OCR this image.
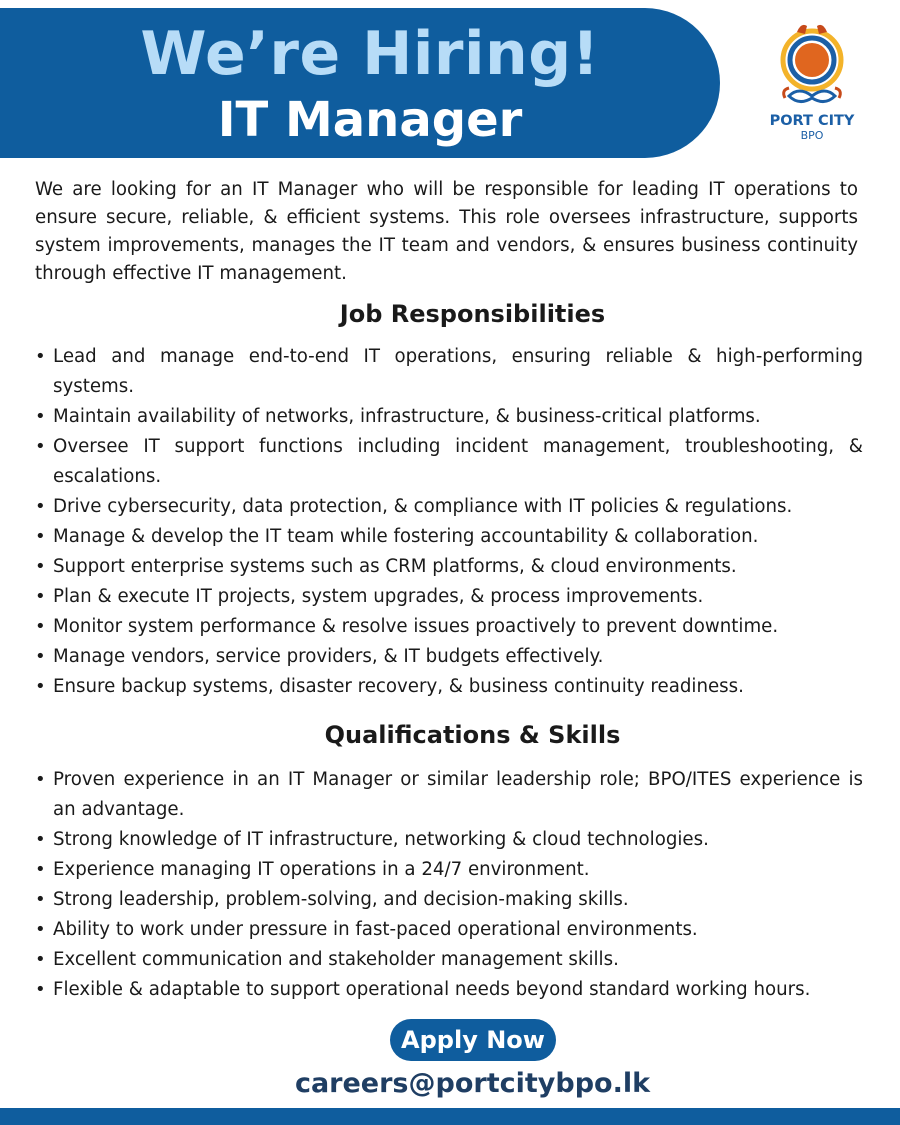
We’re Hiring!
IT Manager	PORT CITY
BPO

We are looking for an IT Manager who will be responsible for leading IT operations to ensure secure, reliable, & efficient systems. This role oversees infrastructure, supports system improvements, manages the IT team and vendors, & ensures business continuity through effective IT management.

Job Responsibilities
• Lead and manage end-to-end IT operations, ensuring reliable & high-performing systems.
• Maintain availability of networks, infrastructure, & business-critical platforms.
• Oversee IT support functions including incident management, troubleshooting, & escalations.
• Drive cybersecurity, data protection, & compliance with IT policies & regulations.
• Manage & develop the IT team while fostering accountability & collaboration.
• Support enterprise systems such as CRM platforms, & cloud environments.
• Plan & execute IT projects, system upgrades, & process improvements.
• Monitor system performance & resolve issues proactively to prevent downtime.
• Manage vendors, service providers, & IT budgets effectively.
• Ensure backup systems, disaster recovery, & business continuity readiness.
Qualifications & Skills
• Proven experience in an IT Manager or similar leadership role; BPO/ITES experience is an advantage.
• Strong knowledge of IT infrastructure, networking & cloud technologies.
• Experience managing IT operations in a 24/7 environment.
• Strong leadership, problem-solving, and decision-making skills.
• Ability to work under pressure in fast-paced operational environments.
• Excellent communication and stakeholder management skills.
• Flexible & adaptable to support operational needs beyond standard working hours.
Apply Now
careers@portcitybpo.lk
